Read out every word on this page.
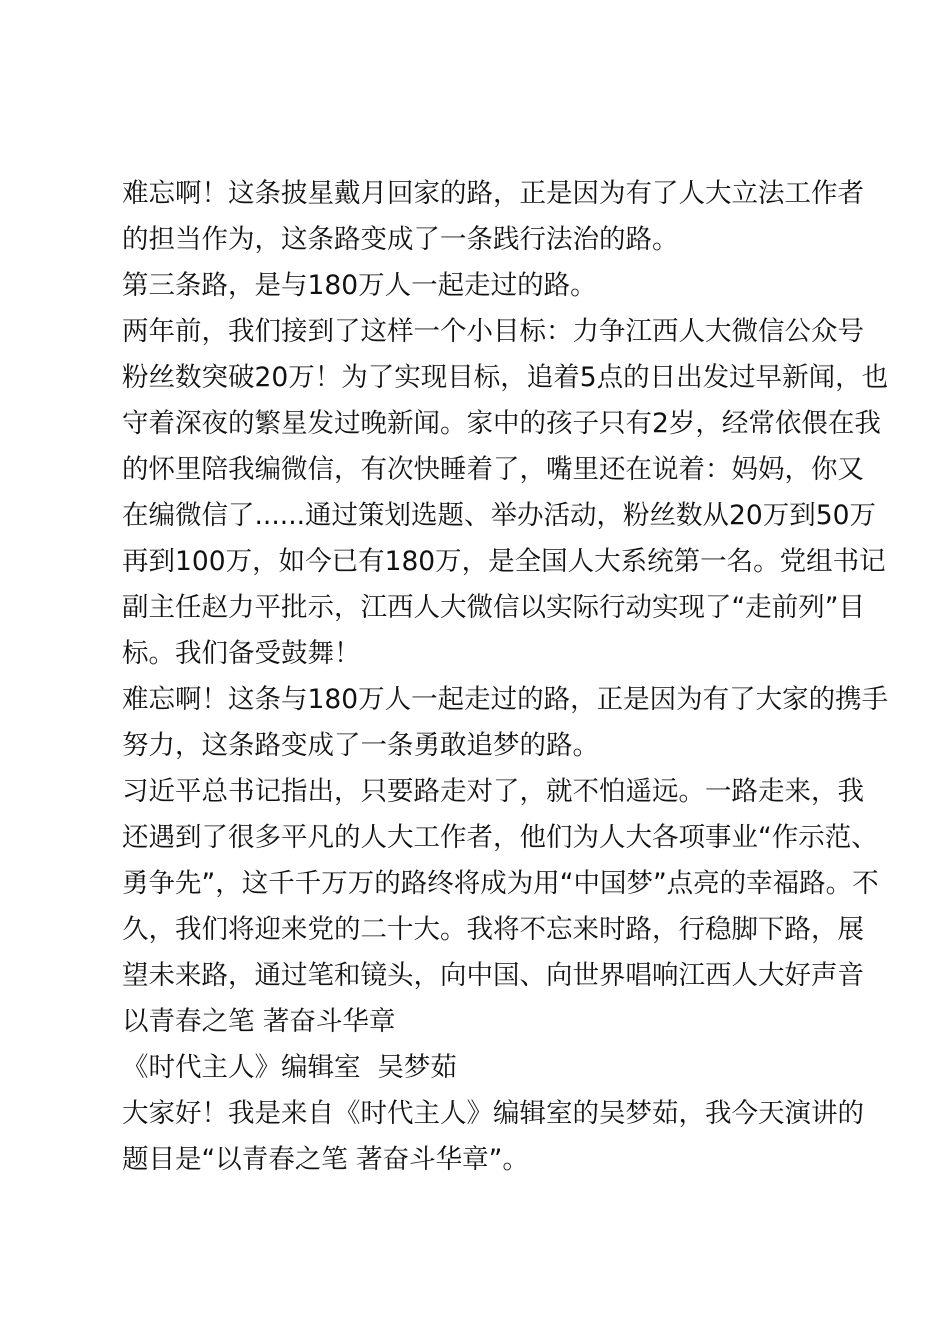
难忘啊！这条披星戴月回家的路，正是因为有了人大立法工作者
的担当作为，这条路变成了一条践行法治的路。
第三条路，是与180万人一起走过的路。
两年前，我们接到了这样一个小目标：力争江西人大微信公众号
粉丝数突破20万！为了实现目标，追着5点的日出发过早新闻，也
守着深夜的繁星发过晚新闻。家中的孩子只有2岁，经常依偎在我
的怀里陪我编微信，有次快睡着了，嘴里还在说着：妈妈，你又
在编微信了......通过策划选题、举办活动，粉丝数从20万到50万
再到100万，如今已有180万，是全国人大系统第一名。党组书记
副主任赵力平批示，江西人大微信以实际行动实现了“走前列”目
标。我们备受鼓舞！
难忘啊！这条与180万人一起走过的路，正是因为有了大家的携手
努力，这条路变成了一条勇敢追梦的路。
习近平总书记指出，只要路走对了，就不怕遥远。一路走来，我
还遇到了很多平凡的人大工作者，他们为人大各项事业“作示范、
勇争先”，这千千万万的路终将成为用“中国梦”点亮的幸福路。不
久，我们将迎来党的二十大。我将不忘来时路，行稳脚下路，展
望未来路，通过笔和镜头，向中国、向世界唱响江西人大好声音
以青春之笔 著奋斗华章
《时代主人》编辑室  吴梦茹
大家好！我是来自《时代主人》编辑室的吴梦茹，我今天演讲的
题目是“以青春之笔 著奋斗华章”。
